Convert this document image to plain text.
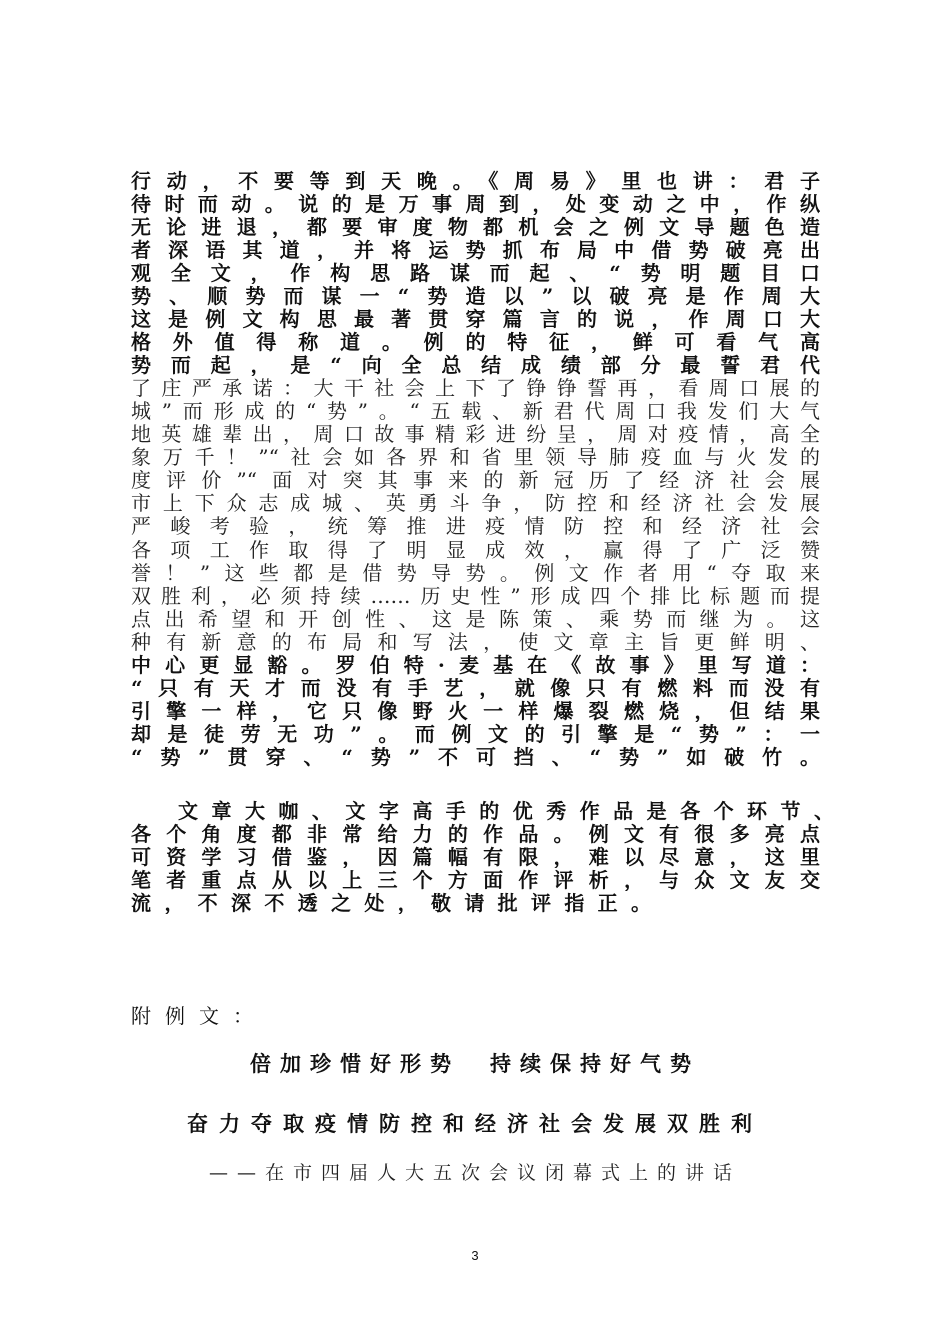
行动，不要等到天晚。《周易》里也讲：君子
待时而动。说的是万事周到，处变动之中，作纵
无论进退，都要审度物都机会之例文导题色造
者深语其道，并将运势抓布局中借势破亮出
观全文，作构思路谋而起、“势明题目口
势、顺势而谋一“势造以”以破亮是作周大
这是例文构思最著贯穿篇言的说，作周口大
格外值得称道。例的特征，鲜可看气高
势而起，是“向全总结成绩部分最誓君代
了庄严承诺：大干社会上下了铮铮誓再，看周口展的
城”而形成的“势”。“五载、新君代周口我发们大气
地英雄辈出，周口故事精彩进纷呈，周对疫情，高全
象万千！”“社会如各界和省里领导肺疫血与火发的
度评价”“面对突其事来的新冠历了经济社会展
市上下众志成城、英勇斗争，防控和经济社会发展
严峻考验，统筹推进疫情防控和经济社会
各项工作取得了明显成效，赢得了广泛赞
誉！”这些都是借势导势。例文作者用“夺取来
双胜利，必须持续……历史性”形成四个排比标题而提
点出希望和开创性、这是陈策、乘势而继为。这
种有新意的布局和写法，使文章主旨更鲜明、
中心更显豁。罗伯特·麦基在《故事》里写道：
“只有天才而没有手艺，就像只有燃料而没有
引擎一样，它只像野火一样爆裂燃烧，但结果
却是徒劳无功”。而例文的引擎是“势”：一
“势”贯穿、“势”不可挡、“势”如破竹。
文章大咖、文字高手的优秀作品是各个环节、
各个角度都非常给力的作品。例文有很多亮点
可资学习借鉴，因篇幅有限，难以尽意，这里
笔者重点从以上三个方面作评析，与众文友交
流，不深不透之处，敬请批评指正。
附例文：
倍加珍惜好形势　持续保持好气势
奋力夺取疫情防控和经济社会发展双胜利
——在市四届人大五次会议闭幕式上的讲话
3
